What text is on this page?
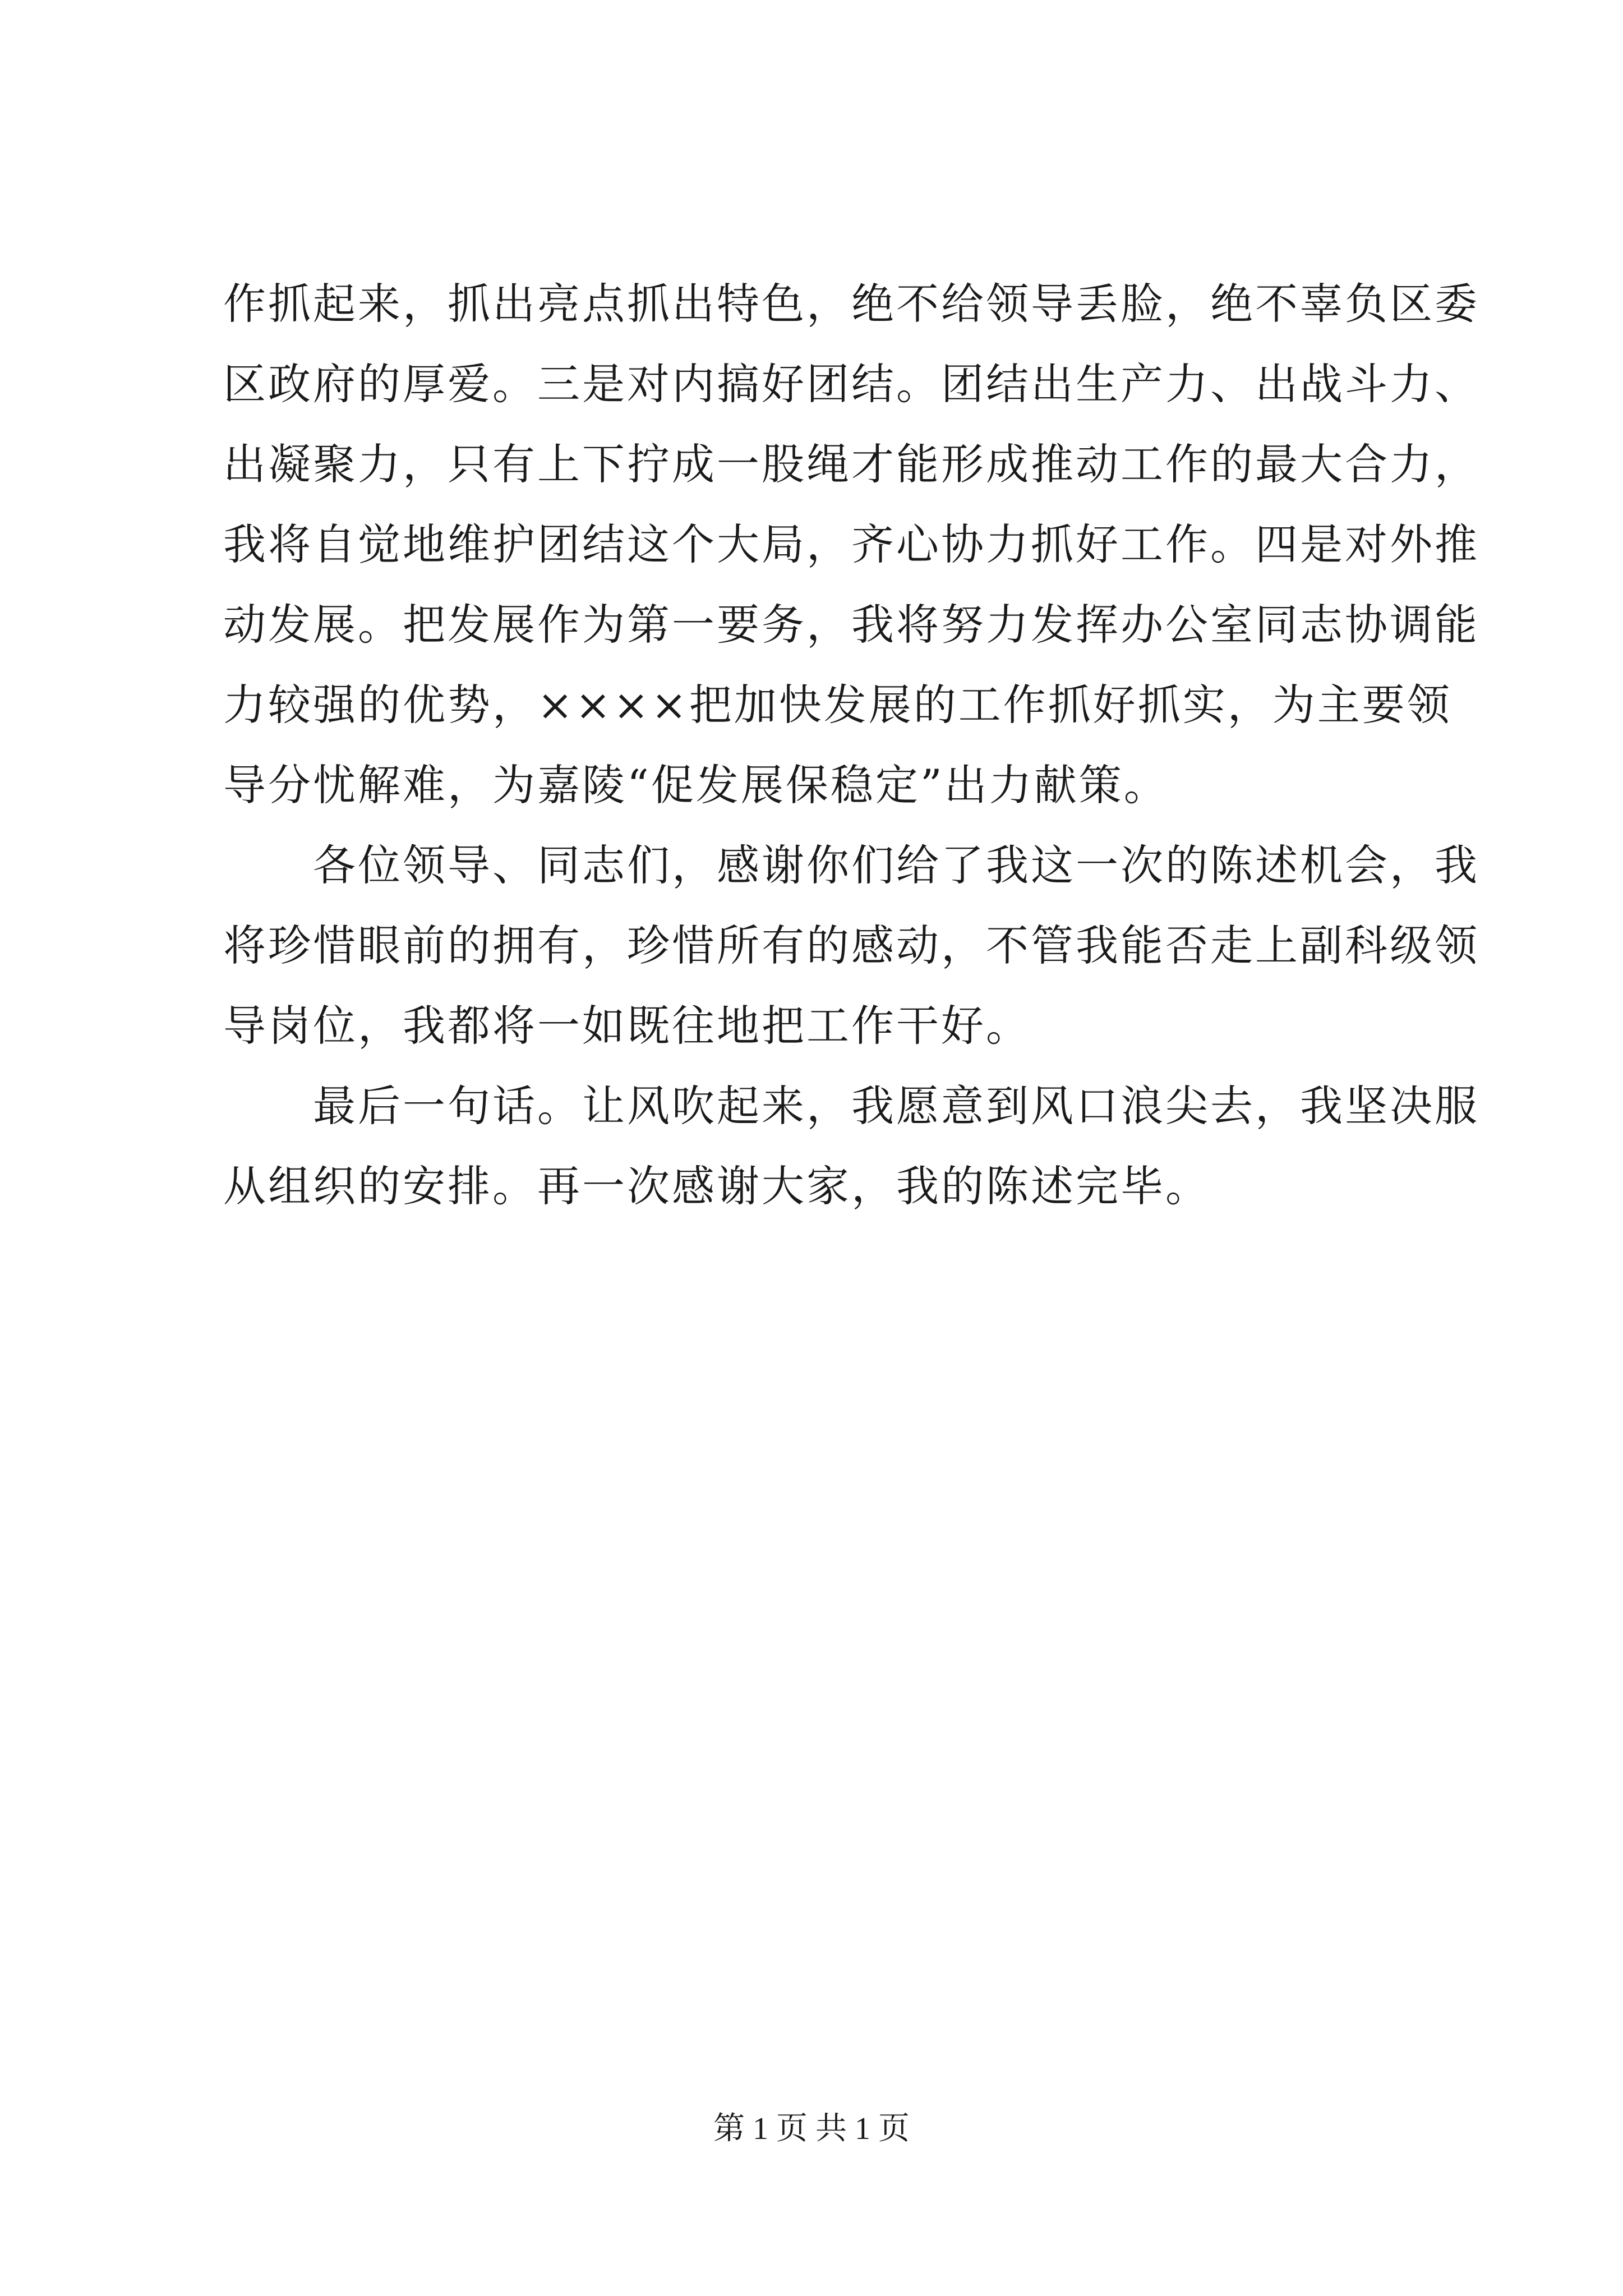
作抓起来，抓出亮点抓出特色，绝不给领导丢脸，绝不辜负区委
区政府的厚爱。三是对内搞好团结。团结出生产力、出战斗力、
出凝聚力，只有上下拧成一股绳才能形成推动工作的最大合力，
我将自觉地维护团结这个大局，齐心协力抓好工作。四是对外推
动发展。把发展作为第一要务，我将努力发挥办公室同志协调能
力较强的优势，××××把加快发展的工作抓好抓实，为主要领
导分忧解难，为嘉陵“促发展保稳定”出力献策。
　　各位领导、同志们，感谢你们给了我这一次的陈述机会，我
将珍惜眼前的拥有，珍惜所有的感动，不管我能否走上副科级领
导岗位，我都将一如既往地把工作干好。
　　最后一句话。让风吹起来，我愿意到风口浪尖去，我坚决服
从组织的安排。再一次感谢大家，我的陈述完毕。
第 1 页 共 1 页
